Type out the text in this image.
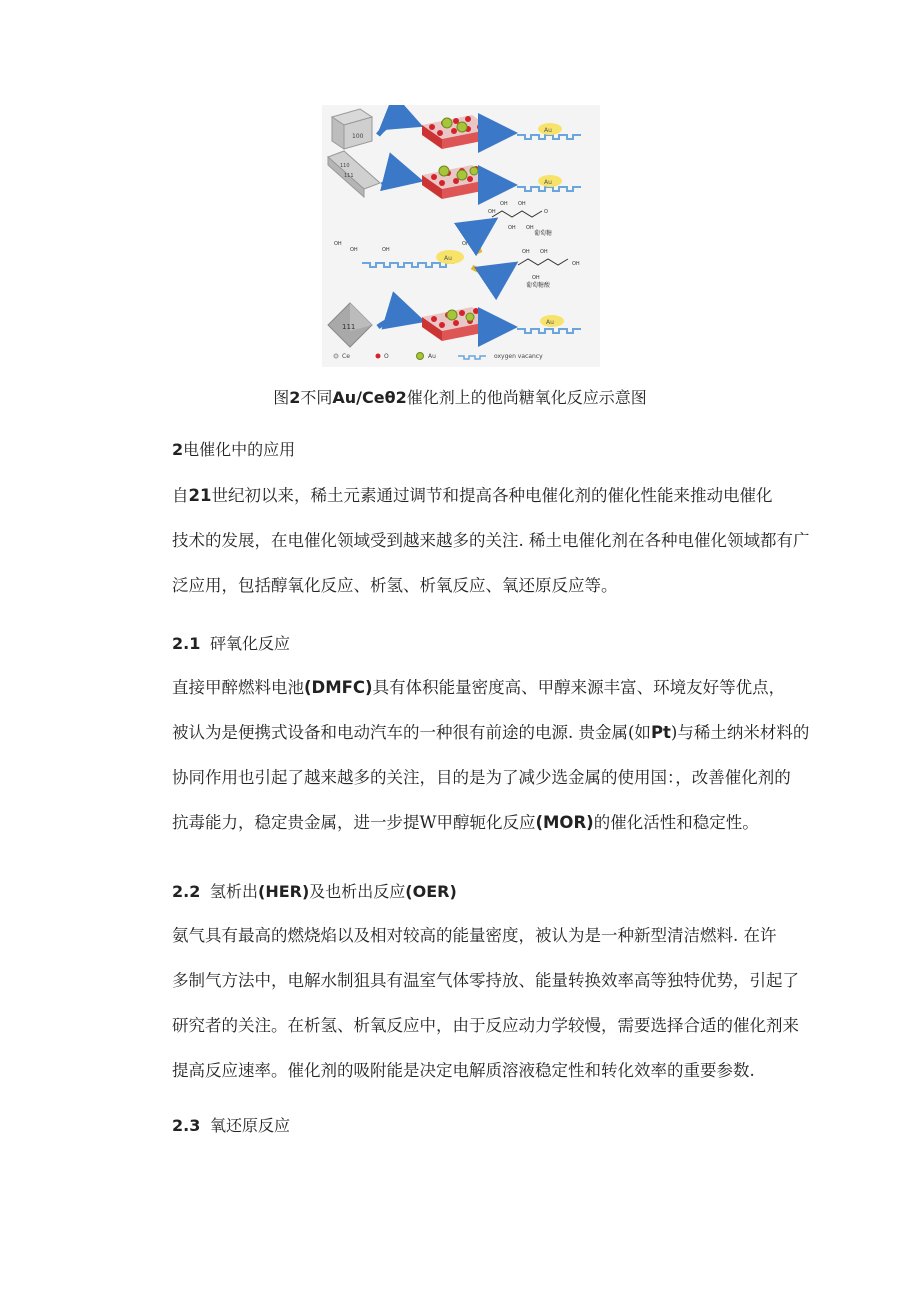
100
Au
110
111
Au
OH
OH OH
OH OH
O
葡萄糖
Au
OH
OH	OH
OH
OH OH
OH
OH
葡萄糖酸
111
Au
Ce	O	Au	oxygen vacancy
图2不同Au/Ceθ2催化剂上的他尚糖氧化反应示意图
2电催化中的应用
自21世纪初以来，稀土元素通过调节和提高各种电催化剂的催化性能来推动电催化
技术的发展，在电催化领域受到越来越多的关注. 稀土电催化剂在各种电催化领域都有广
泛应用，包括醇氧化反应、析氢、析氧反应、氧还原反应等。
2.1 砰氧化反应
直接甲醉燃料电池(DMFC)具有体积能量密度高、甲醇来源丰富、环境友好等优点，
被认为是便携式设备和电动汽车的一种很有前途的电源. 贵金属(如Pt)与稀土纳米材料的
协同作用也引起了越来越多的关注，目的是为了减少选金属的使用国：，改善催化剂的
抗毒能力，稳定贵金属，进一步提W甲醇轭化反应(MOR)的催化活性和稳定性。
2.2 氢析出(HER)及也析出反应(OER)
氨气具有最高的燃烧焰以及相对较高的能量密度，被认为是一种新型清洁燃料. 在许
多制气方法中，电解水制狙具有温室气体零持放、能量转换效率高等独特优势，引起了
研究者的关注。在析氢、析氧反应中，由于反应动力学较慢，需要选择合适的催化剂来
提高反应速率。催化剂的吸附能是决定电解质溶液稳定性和转化效率的重要参数.
2.3 氧还原反应
